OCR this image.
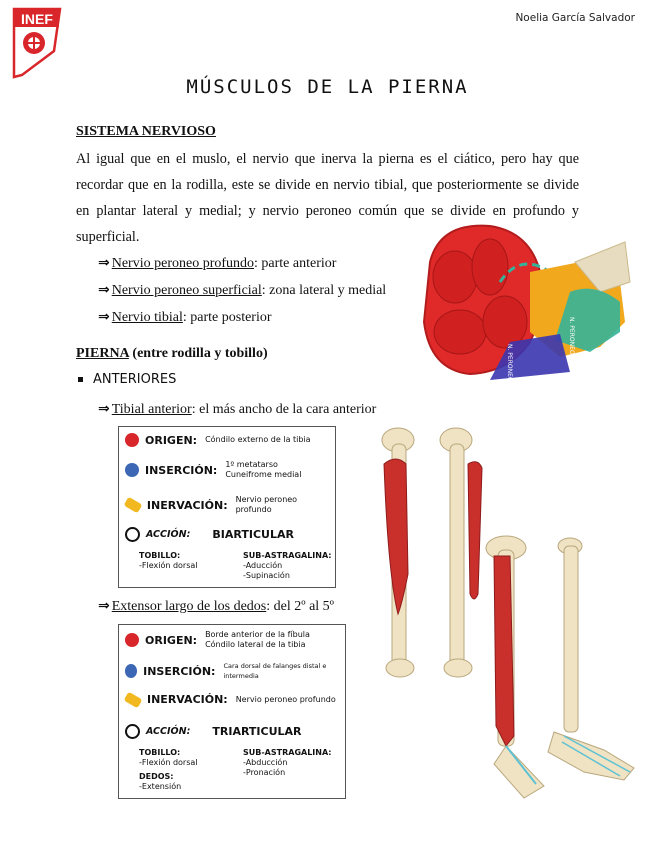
INEF	Noelia García Salvador
MÚSCULOS DE LA PIERNA
SISTEMA NERVIOSO
Al igual que en el muslo, el nervio que inerva la pierna es el ciático, pero hay que recordar que en la rodilla, este se divide en nervio tibial, que posteriormente se divide en plantar lateral y medial; y nervio peroneo común que se divide en profundo y superficial.
⇒ Nervio peroneo profundo: parte anterior
⇒ Nervio peroneo superficial: zona lateral y medial
⇒ Nervio tibial: parte posterior	N. PERONEO PROFUNDO
N. PERONEO SUPERFICIAL
PIERNA (entre rodilla y tobillo)
ANTERIORES
⇒ Tibial anterior: el más ancho de la cara anterior
ORIGEN: Cóndilo externo de la tibia
INSERCIÓN: 1º metatarso
Cuneifrome medial
INERVACIÓN: Nervio peroneo profundo
ACCIÓN: BIARTICULAR
TOBILLO:
-Flexión dorsal
SUB-ASTRAGALINA:
-Aducción
-Supinación
⇒ Extensor largo de los dedos: del 2º al 5º
ORIGEN: Borde anterior de la fíbula
Cóndilo lateral de la tibia
INSERCIÓN: Cara dorsal de falanges distal e intermedia
INERVACIÓN: Nervio peroneo profundo
ACCIÓN: TRIARTICULAR
TOBILLO:
-Flexión dorsal
DEDOS:
-Extensión
SUB-ASTRAGALINA:
-Abducción
-Pronación
